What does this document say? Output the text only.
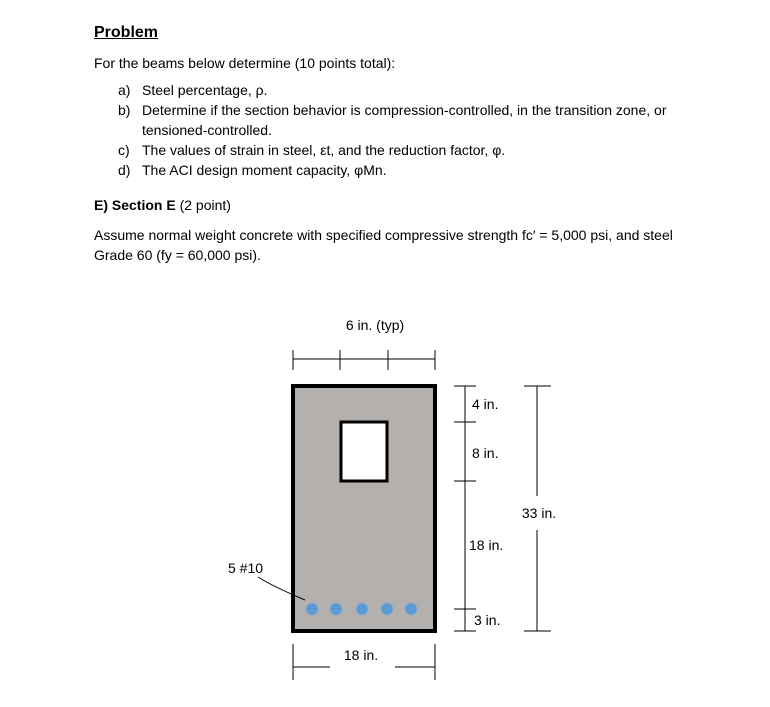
Problem
For the beams below determine (10 points total):
a) Steel percentage, ρ.
b) Determine if the section behavior is compression-controlled, in the transition zone, or
tensioned-controlled.
c) The values of strain in steel, εt, and the reduction factor, φ.
d) The ACI design moment capacity, φMn.
E) Section E (2 point)
Assume normal weight concrete with specified compressive strength fc′ = 5,000 psi, and steel
Grade 60 (fy = 60,000 psi).
6 in. (typ)
5 #10
18 in.
4 in.
8 in.
18 in.
3 in.
33 in.
